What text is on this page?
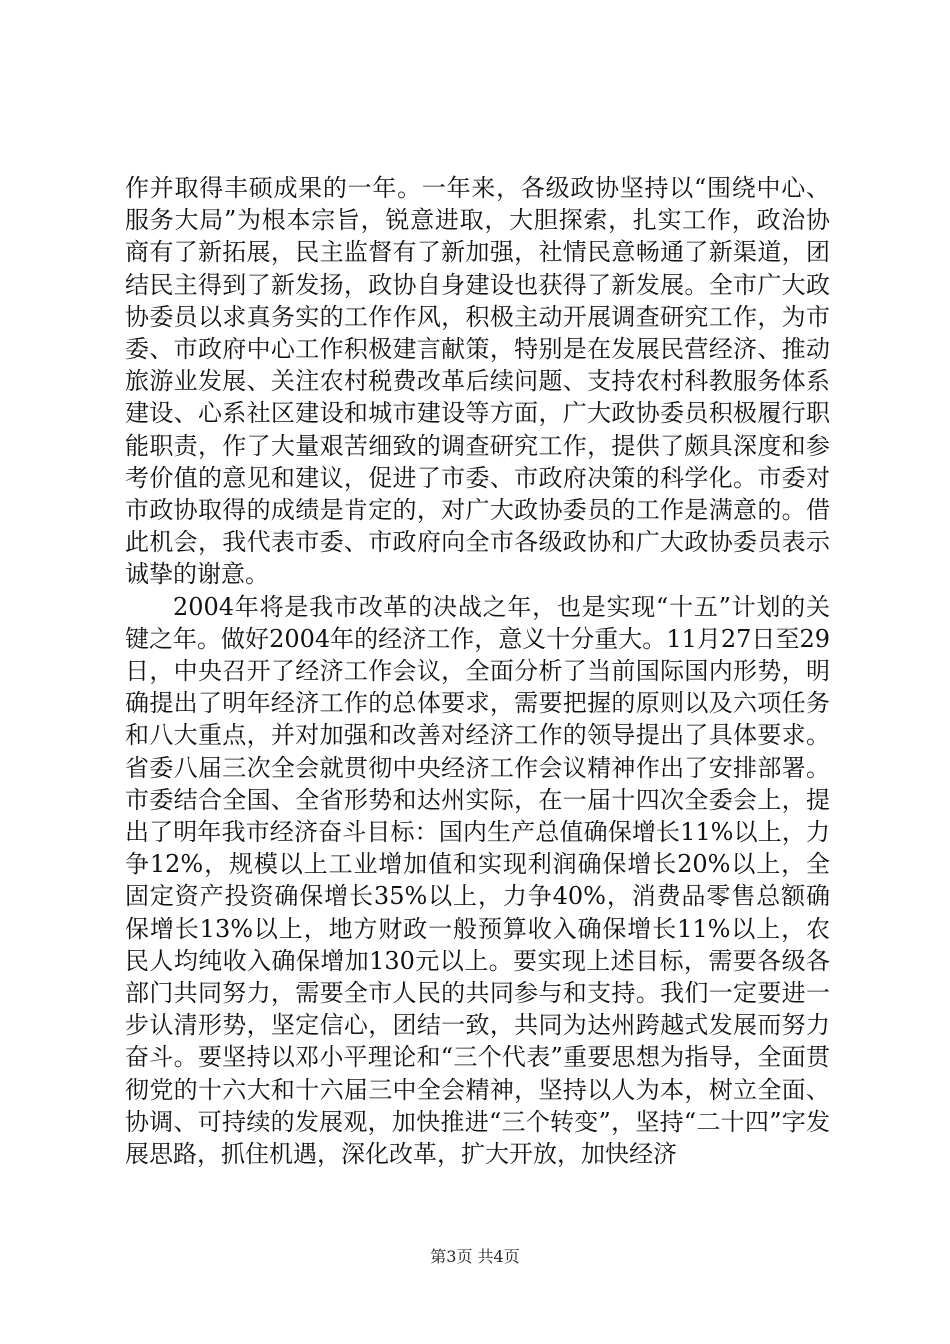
作并取得丰硕成果的一年。一年来，各级政协坚持以“围绕中心、服务大局”为根本宗旨，锐意进取，大胆探索，扎实工作，政治协商有了新拓展，民主监督有了新加强，社情民意畅通了新渠道，团结民主得到了新发扬，政协自身建设也获得了新发展。全市广大政协委员以求真务实的工作作风，积极主动开展调查研究工作，为市委、市政府中心工作积极建言献策，特别是在发展民营经济、推动旅游业发展、关注农村税费改革后续问题、支持农村科教服务体系建设、心系社区建设和城市建设等方面，广大政协委员积极履行职能职责，作了大量艰苦细致的调查研究工作，提供了颇具深度和参考价值的意见和建议，促进了市委、市政府决策的科学化。市委对市政协取得的成绩是肯定的，对广大政协委员的工作是满意的。借此机会，我代表市委、市政府向全市各级政协和广大政协委员表示诚挚的谢意。

2004年将是我市改革的决战之年，也是实现“十五”计划的关键之年。做好2004年的经济工作，意义十分重大。11月27日至29日，中央召开了经济工作会议，全面分析了当前国际国内形势，明确提出了明年经济工作的总体要求，需要把握的原则以及六项任务和八大重点，并对加强和改善对经济工作的领导提出了具体要求。省委八届三次全会就贯彻中央经济工作会议精神作出了安排部署。市委结合全国、全省形势和达州实际，在一届十四次全委会上，提出了明年我市经济奋斗目标：国内生产总值确保增长11%以上，力争12%，规模以上工业增加值和实现利润确保增长20%以上，全固定资产投资确保增长35%以上，力争40%，消费品零售总额确保增长13%以上，地方财政一般预算收入确保增长11%以上，农民人均纯收入确保增加130元以上。要实现上述目标，需要各级各部门共同努力，需要全市人民的共同参与和支持。我们一定要进一步认清形势，坚定信心，团结一致，共同为达州跨越式发展而努力奋斗。要坚持以邓小平理论和“三个代表”重要思想为指导，全面贯彻党的十六大和十六届三中全会精神，坚持以人为本，树立全面、协调、可持续的发展观，加快推进“三个转变”，坚持“二十四”字发展思路，抓住机遇，深化改革，扩大开放，加快经济

第3页 共4页
